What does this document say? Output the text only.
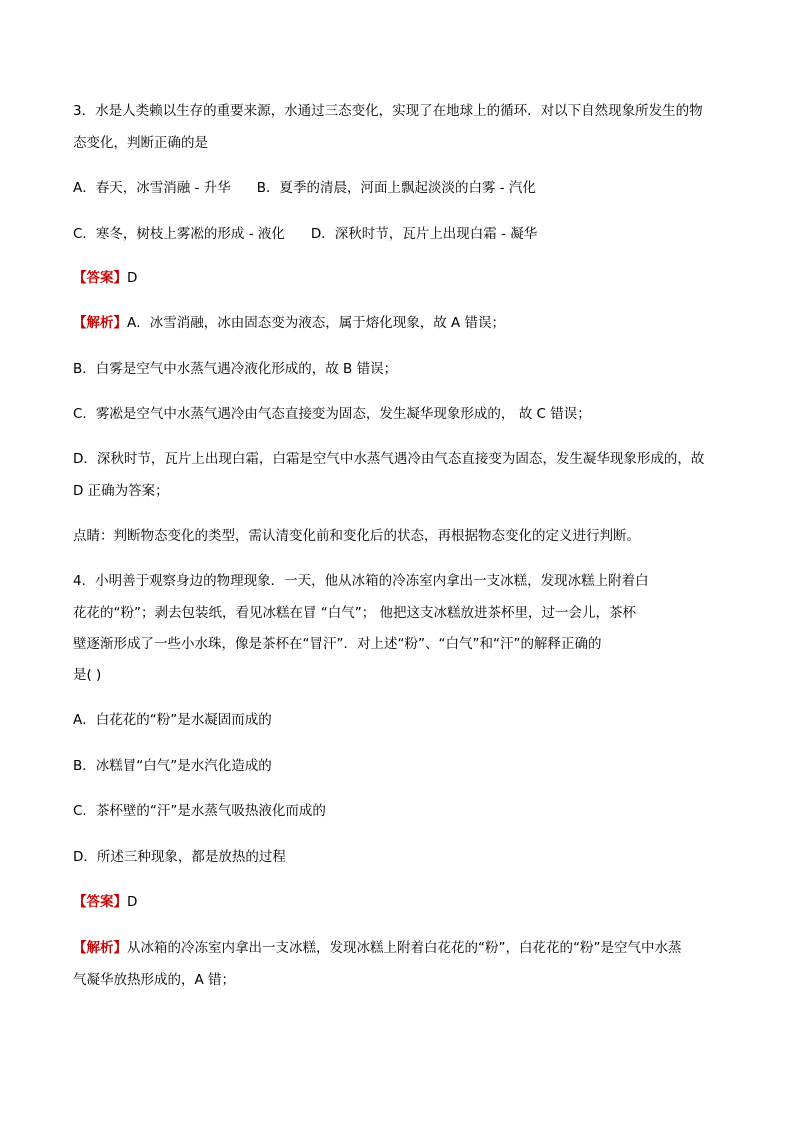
3．水是人类赖以生存的重要来源，水通过三态变化，实现了在地球上的循环．对以下自然现象所发生的物
态变化，判断正确的是
A．春天，冰雪消融 - 升华 B．夏季的清晨，河面上飘起淡淡的白雾 - 汽化
C．寒冬，树枝上雾凇的形成 - 液化 D．深秋时节，瓦片上出现白霜 - 凝华
【答案】D
【解析】A．冰雪消融，冰由固态变为液态，属于熔化现象，故 A 错误；
B．白雾是空气中水蒸气遇冷液化形成的，故 B 错误；
C．雾凇是空气中水蒸气遇冷由气态直接变为固态，发生凝华现象形成的， 故 C 错误；
D．深秋时节，瓦片上出现白霜，白霜是空气中水蒸气遇冷由气态直接变为固态，发生凝华现象形成的，故
D 正确为答案；
点睛：判断物态变化的类型，需认清变化前和变化后的状态，再根据物态变化的定义进行判断。
4．小明善于观察身边的物理现象．一天，他从冰箱的冷冻室内拿出一支冰糕，发现冰糕上附着白
花花的“粉”；剥去包装纸，看见冰糕在冒 “白气”； 他把这支冰糕放进茶杯里，过一会儿，茶杯
壁逐渐形成了一些小水珠，像是茶杯在“冒汗”．对上述“粉”、“白气”和“汗”的解释正确的
是( )
A．白花花的“粉”是水凝固而成的
B．冰糕冒“白气”是水汽化造成的
C．茶杯壁的“汗”是水蒸气吸热液化而成的
D．所述三种现象，都是放热的过程
【答案】D
【解析】从冰箱的冷冻室内拿出一支冰糕，发现冰糕上附着白花花的“粉”，白花花的“粉”是空气中水蒸
气凝华放热形成的，A 错；
